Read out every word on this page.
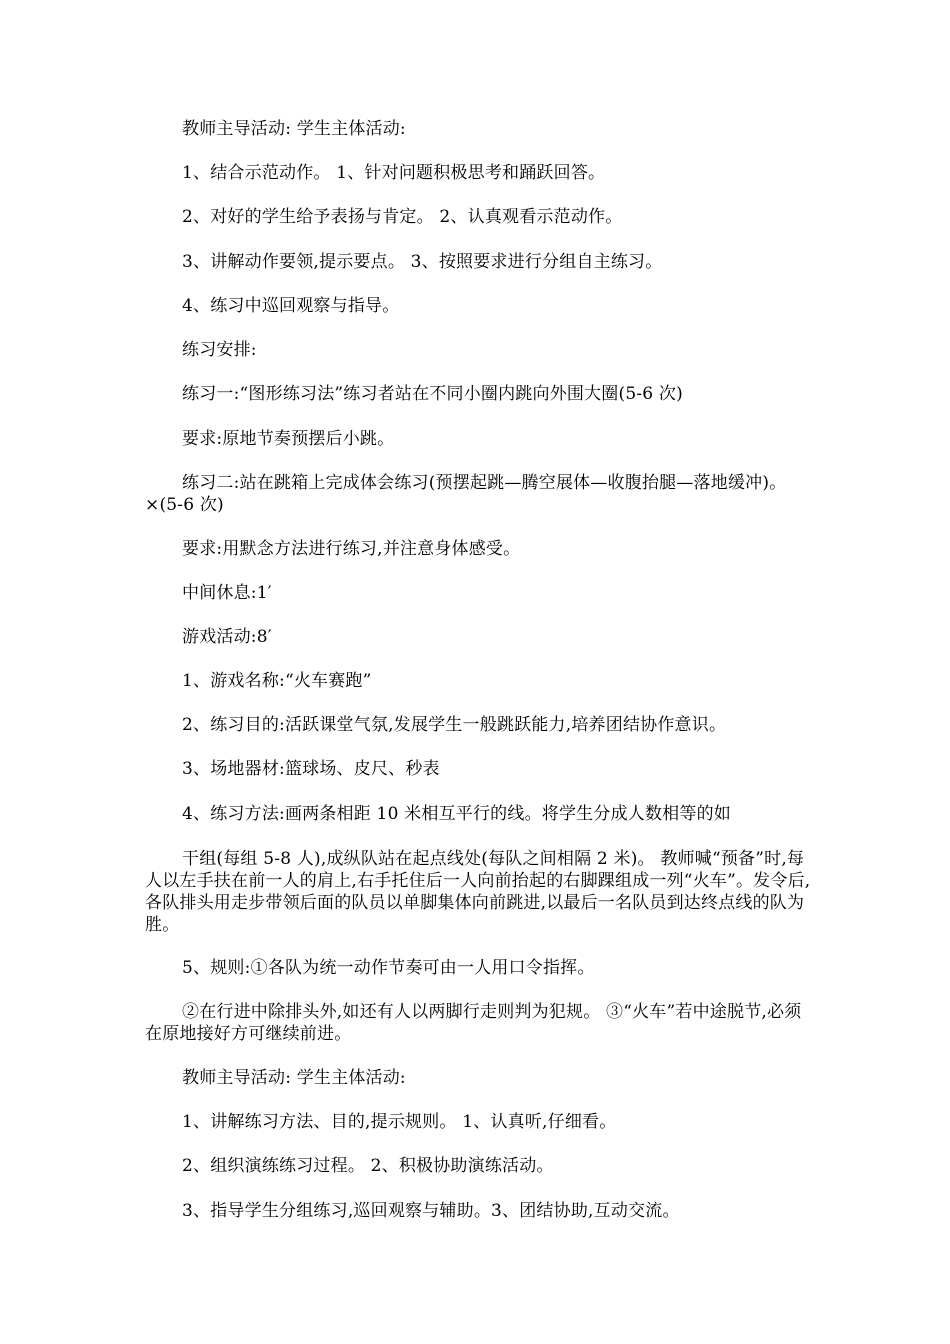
教师主导活动: 学生主体活动:

1、结合示范动作。 1、针对问题积极思考和踊跃回答。

2、对好的学生给予表扬与肯定。 2、认真观看示范动作。

3、讲解动作要领,提示要点。 3、按照要求进行分组自主练习。

4、练习中巡回观察与指导。

练习安排:

练习一:“图形练习法”练习者站在不同小圈内跳向外围大圈(5-6 次)

要求:原地节奏预摆后小跳。

练习二:站在跳箱上完成体会练习(预摆起跳—腾空展体—收腹抬腿—落地缓冲)。×(5-6 次)

要求:用默念方法进行练习,并注意身体感受。

中间休息:1′

游戏活动:8′

1、游戏名称:“火车赛跑”

2、练习目的:活跃课堂气氛,发展学生一般跳跃能力,培养团结协作意识。

3、场地器材:篮球场、皮尺、秒表

4、练习方法:画两条相距 10 米相互平行的线。将学生分成人数相等的如

干组(每组 5-8 人),成纵队站在起点线处(每队之间相隔 2 米)。 教师喊“预备”时,每人以左手扶在前一人的肩上,右手托住后一人向前抬起的右脚踝组成一列“火车”。发令后,各队排头用走步带领后面的队员以单脚集体向前跳进,以最后一名队员到达终点线的队为胜。

5、规则:①各队为统一动作节奏可由一人用口令指挥。

②在行进中除排头外,如还有人以两脚行走则判为犯规。 ③“火车”若中途脱节,必须在原地接好方可继续前进。

教师主导活动: 学生主体活动:

1、讲解练习方法、目的,提示规则。 1、认真听,仔细看。

2、组织演练练习过程。 2、积极协助演练活动。

3、指导学生分组练习,巡回观察与辅助。3、团结协助,互动交流。
